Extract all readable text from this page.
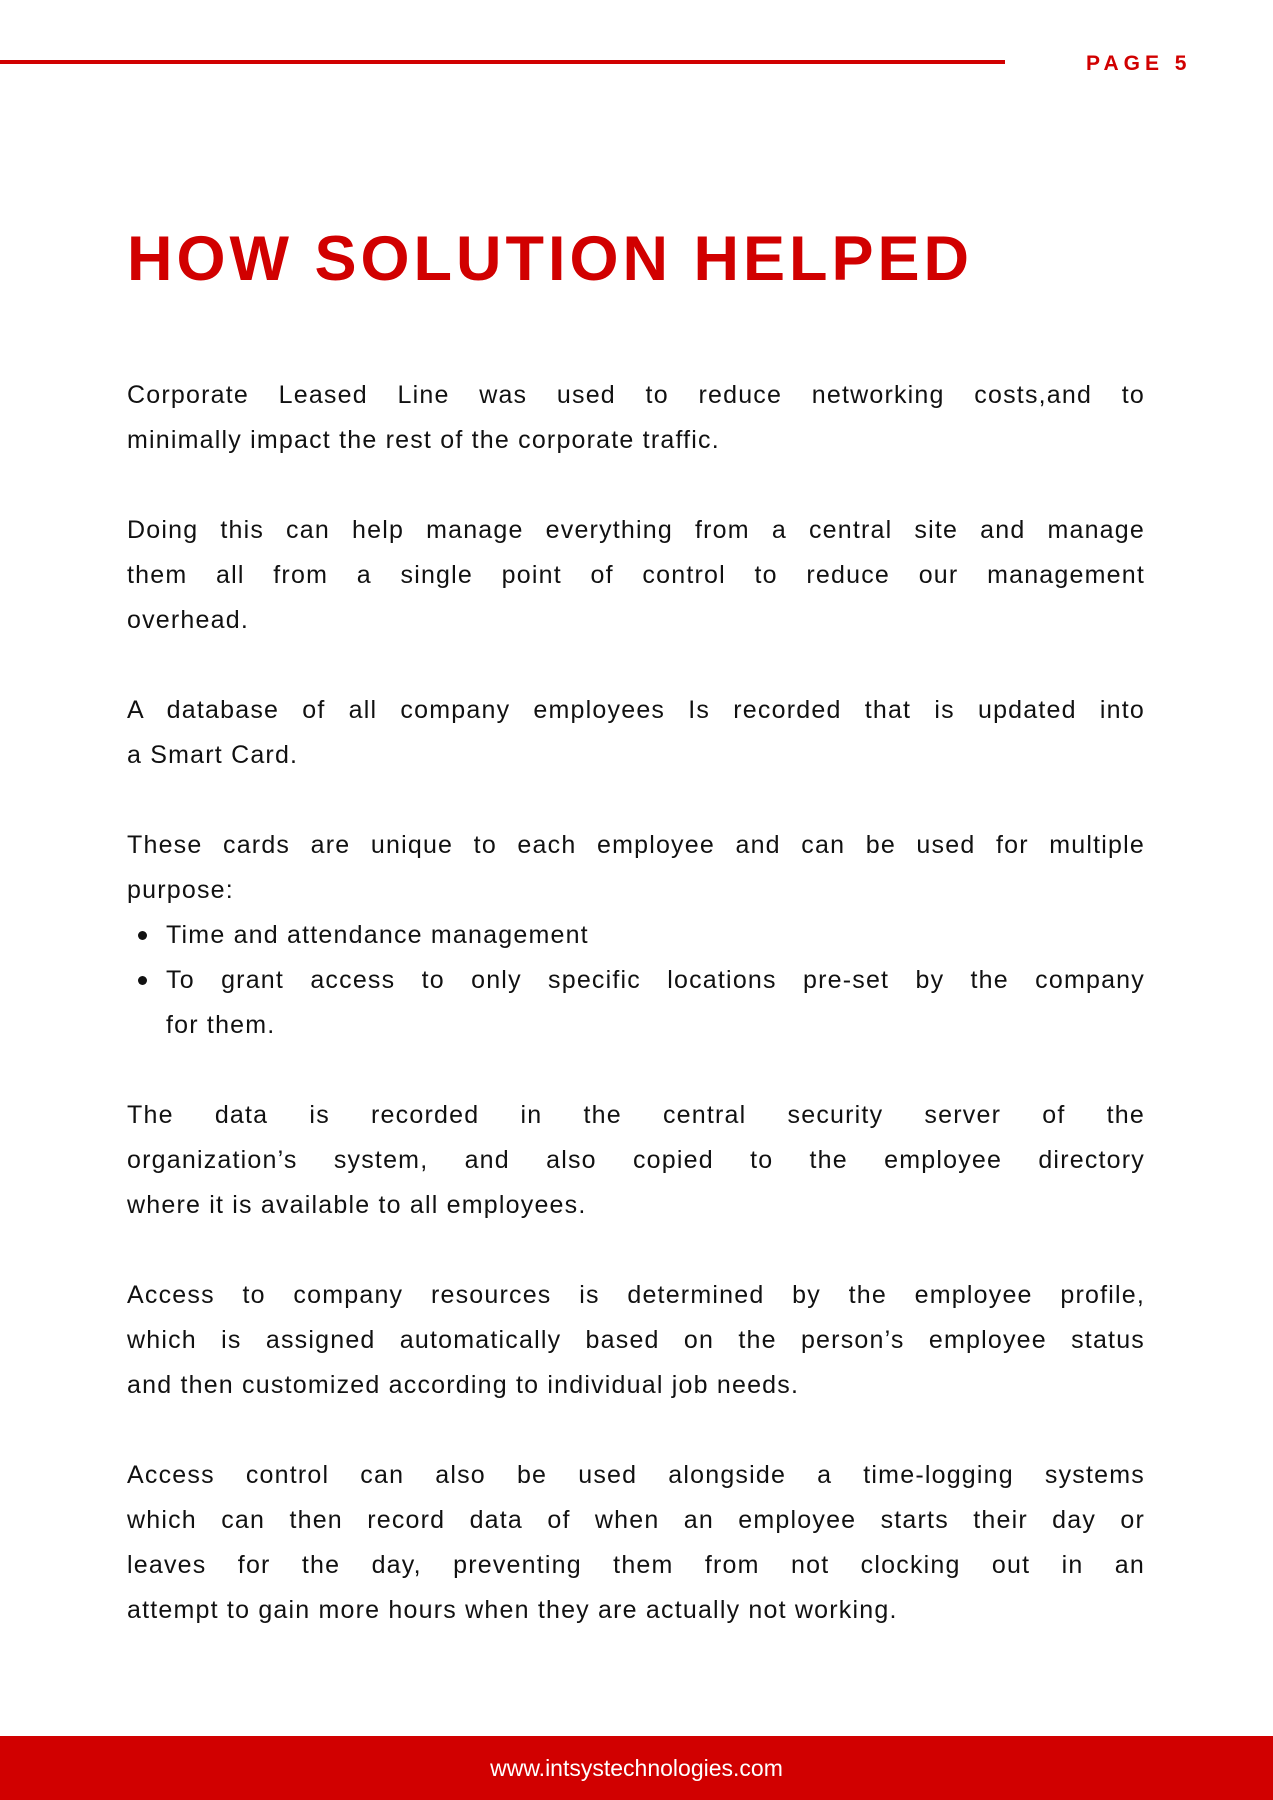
PAGE 5
HOW SOLUTION HELPED

Corporate Leased Line was used to reduce networking costs,and to
minimally impact the rest of the corporate traffic.

Doing this can help manage everything from a central site and manage
them all from a single point of control to reduce our management
overhead.

A database of all company employees Is recorded that is updated into
a Smart Card.

These cards are unique to each employee and can be used for multiple
purpose:

Time and attendance management
To grant access to only specific locations pre-set by the company
for them.

The data is recorded in the central security server of the
organization’s system, and also copied to the employee directory
where it is available to all employees.

Access to company resources is determined by the employee profile,
which is assigned automatically based on the person’s employee status
and then customized according to individual job needs.

Access control can also be used alongside a time-logging systems
which can then record data of when an employee starts their day or
leaves for the day, preventing them from not clocking out in an
attempt to gain more hours when they are actually not working.

www.intsystechnologies.com
